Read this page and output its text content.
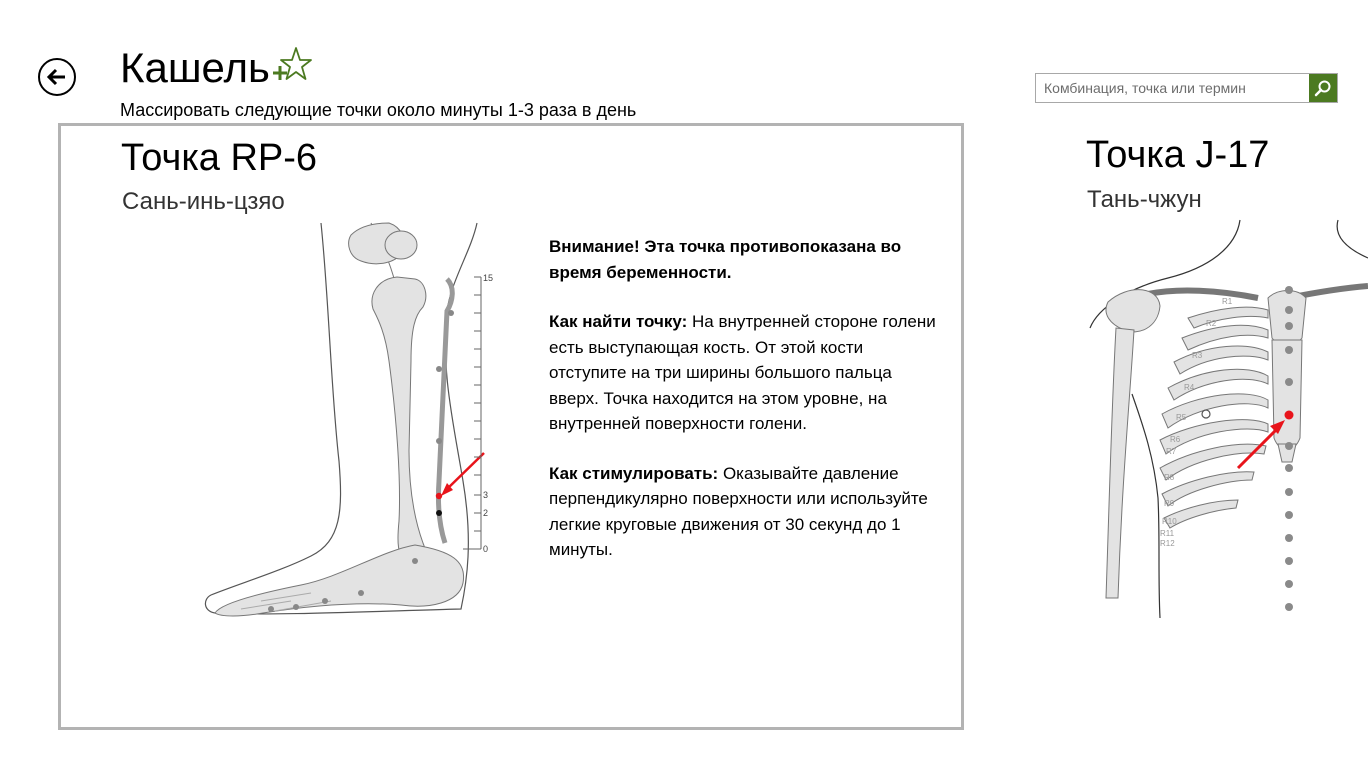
Кашель
Массировать следующие точки около минуты 1-3 раза в день
Комбинация, точка или термин
Точка RP-6
Сань-инь-цзяо
15
3
2
0

Внимание! Эта точка противопоказана во время беременности.

Как найти точку: На внутренней стороне голени есть выступающая кость. От этой кости отступите на три ширины большого пальца вверх. Точка находится на этом уровне, на внутренней поверхности голени.

Как стимулировать: Оказывайте давление перпендикулярно поверхности или используйте легкие круговые движения от 30 секунд до 1 минуты.

Точка J-17
Тань-чжун
R1
R2
R3
R4
R5
R6
R7
R8
R9
R10
R11
R12
